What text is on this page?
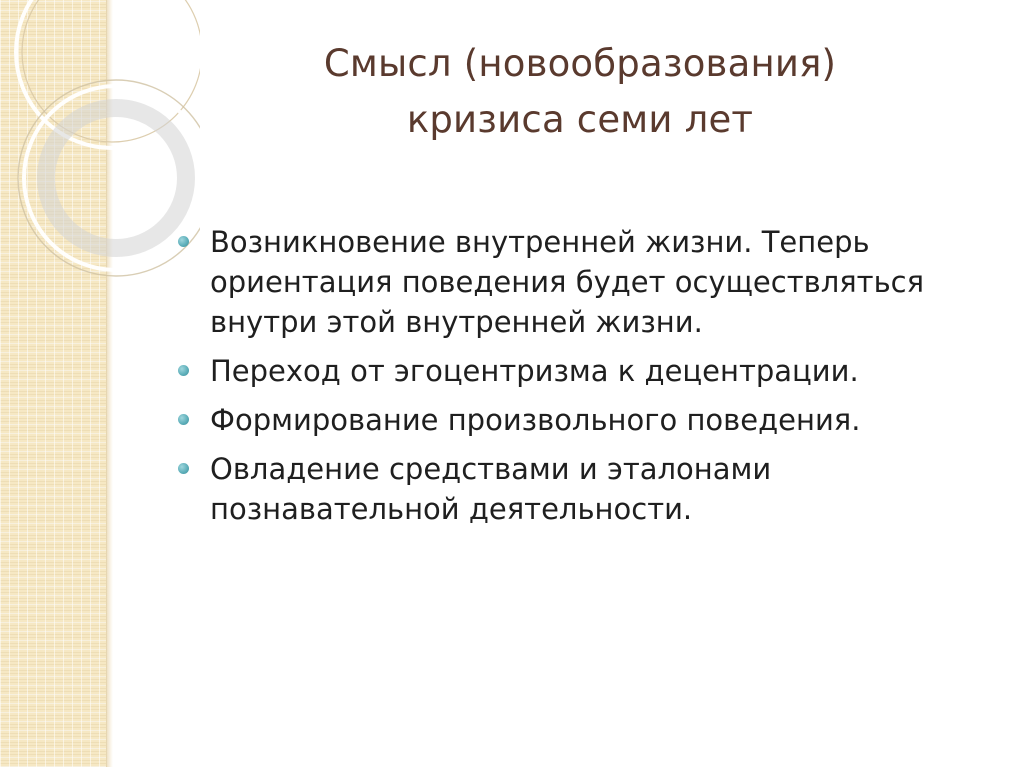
Смысл (новообразования)
кризиса семи лет
Возникновение внутренней жизни. Теперь ориентация поведения будет осуществляться внутри этой внутренней жизни.
Переход от эгоцентризма к децентрации.
Формирование произвольного поведения.
Овладение средствами и эталонами познавательной деятельности.
